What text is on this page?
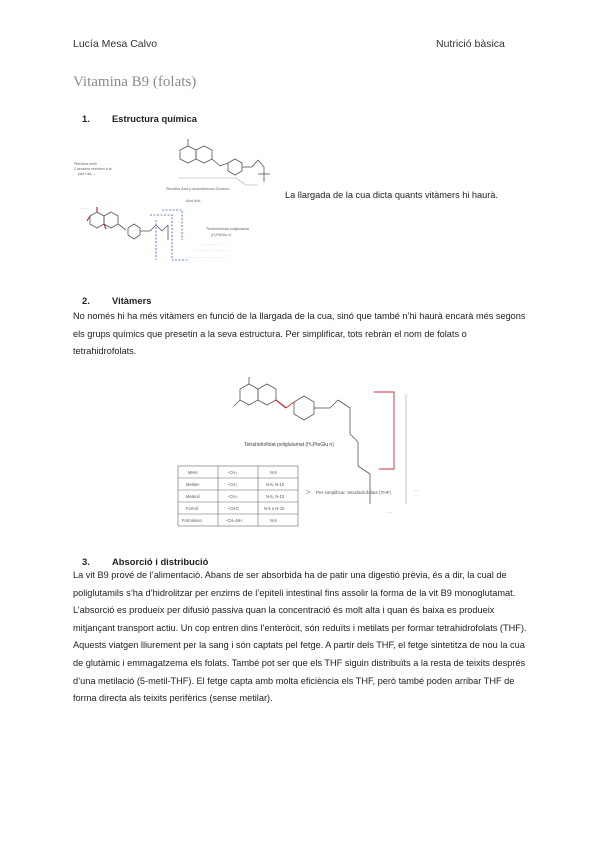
Lucía Mesa Calvo	Nutrició bàsica
Vitamina B9 (folats)
1. Estructura química
Pteridina metil . . . . .
Coenzima resistent a la
part i als ...
Pteridina Àcid p-aminobenzoic Glutàmic
Àcid fòlic
· ··· ·
Tetrahidrofolat poliglutamat
(H₄PteGlu n)
· · · · · · · · · · ·
· · · · · · · · · · · · · · ·
· · · · · · · · · · · · · · · · · ·
La llargada de la cua dicta quants vitàmers hi haurà.
2. Vitàmers

No només hi ha més vitàmers en funció de la llargada de la cua, sinó que també n’hi haurà encarà més segons els grups químics que presetin a la seva estructura. Per simplificar, tots rebràn el nom de folats o tetrahidrofolats.

Tetrahidrofolat poliglutamat (H₄PteGlu n)
·····
·····
MHH	-CH₃	N-5
Metilen	-CH₂	N-5, N-10
Metenil	-CH=	N-5, N-10
Formil	-CHO	N-5 o N-10
Formimino	-CH=NH	N-5
Per simplificar: tetrahidrofolats (THF)
3. Absorció i distribució

La vit B9 prové de l’alimentació. Abans de ser absorbida ha de patir una digestió prèvia, és a dir, la cual de poliglutamils s’ha d’hidrolitzar per enzims de l’epiteli intestinal fins assolir la forma de la vit B9 monoglutamat. L’absorció es produeix per difusió passiva quan la concentració és molt alta i quan és baixa es produeix mitjançant transport actiu. Un cop entren dins l’enteròcit, són reduïts i metilats per formar tetrahidrofolats (THF). Aquests viatgen lliurement per la sang i són captats pel fetge. A partir dels THF, el fetge sintetitza de nou la cua de glutàmic i emmagatzema els folats. També pot ser que els THF siguin distribuïts a la resta de teixits després d’una metilació (5-metil-THF). El fetge capta amb molta eficiència els THF, però també poden arribar THF de forma directa als teixits perifèrics (sense metilar).
